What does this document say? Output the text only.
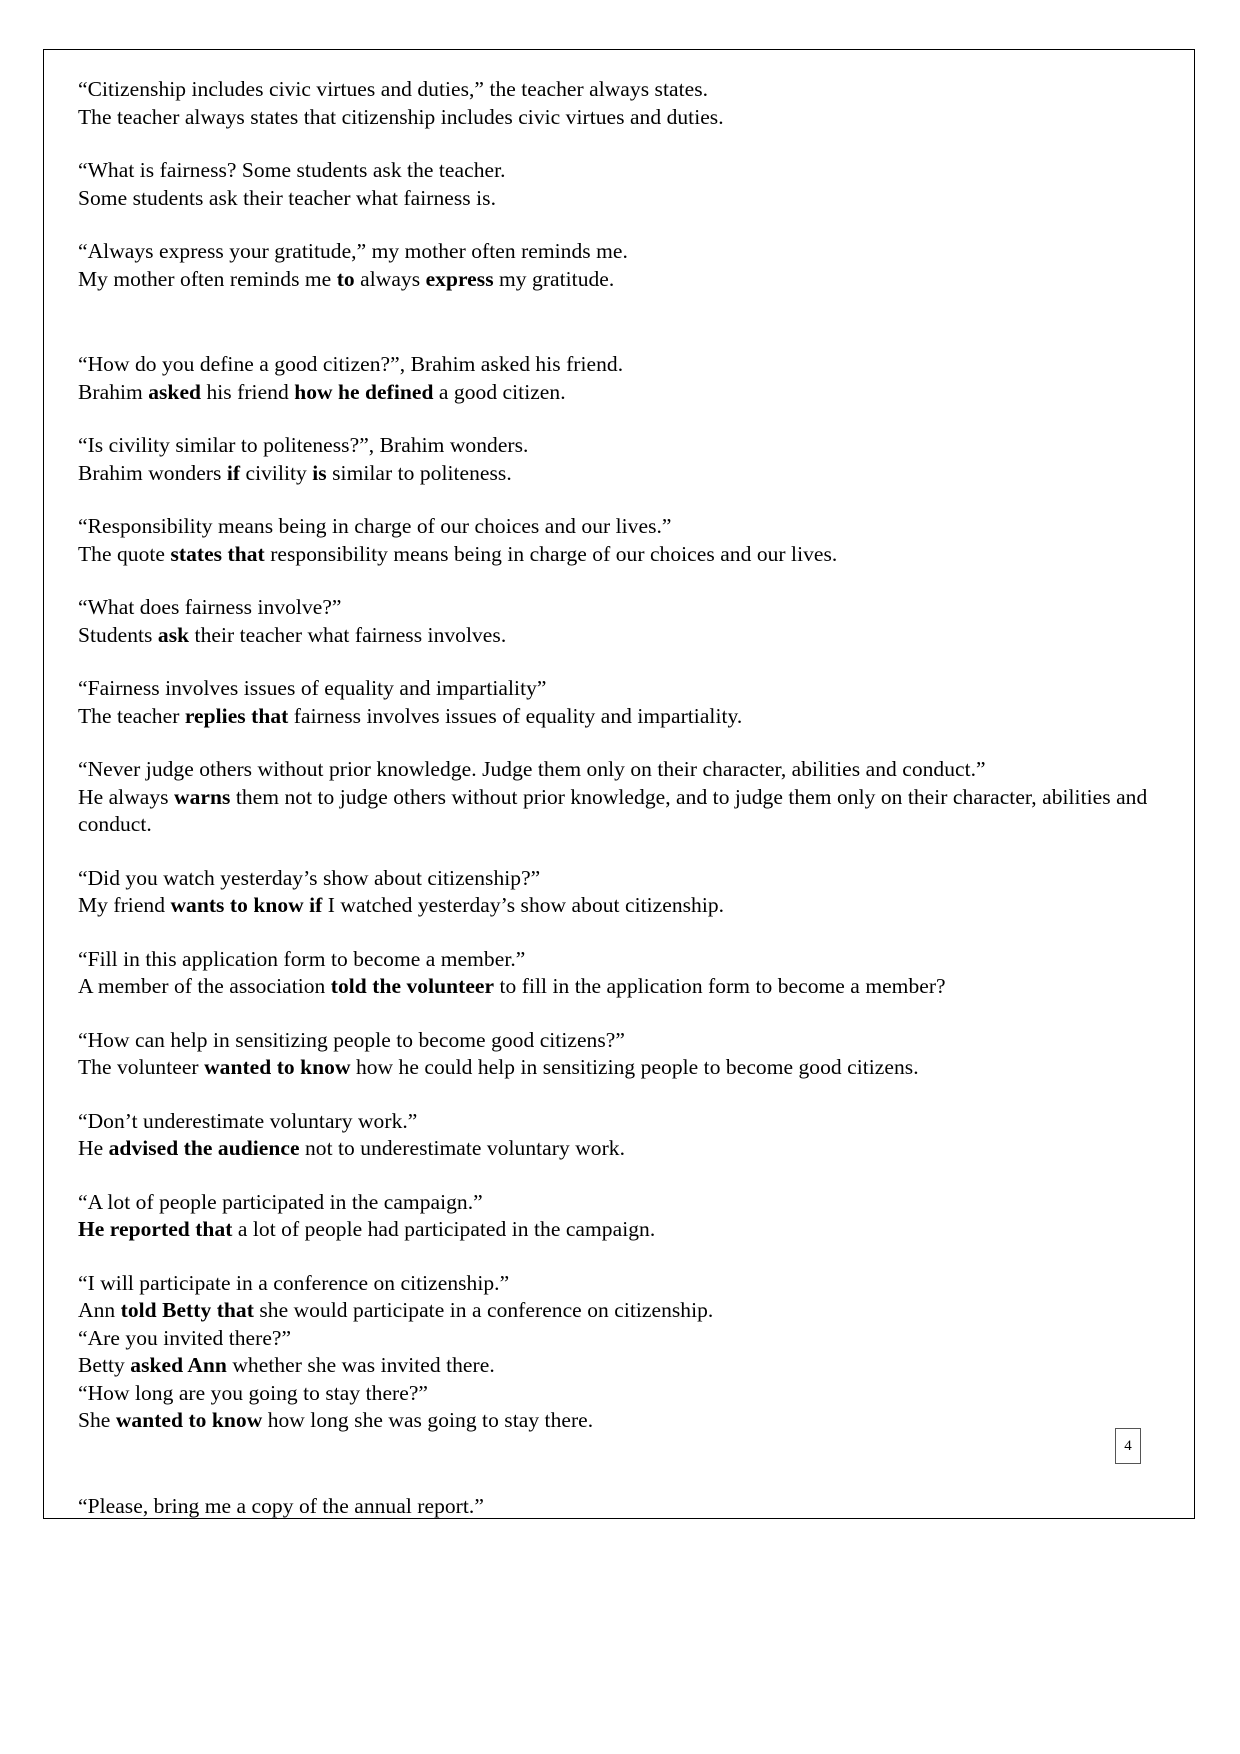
“Citizenship includes civic virtues and duties,” the teacher always states.
The teacher always states that citizenship includes civic virtues and duties.
“What is fairness? Some students ask the teacher.
Some students ask their teacher what fairness is.
“Always express your gratitude,” my mother often reminds me.
My mother often reminds me to always express my gratitude.
“How do you define a good citizen?”, Brahim asked his friend.
Brahim asked his friend how he defined a good citizen.
“Is civility similar to politeness?”, Brahim wonders.
Brahim wonders if civility is similar to politeness.
“Responsibility means being in charge of our choices and our lives.”
The quote states that responsibility means being in charge of our choices and our lives.
“What does fairness involve?”
Students ask their teacher what fairness involves.
“Fairness involves issues of equality and impartiality”
The teacher replies that fairness involves issues of equality and impartiality.
“Never judge others without prior knowledge. Judge them only on their character, abilities and conduct.”
He always warns them not to judge others without prior knowledge, and to judge them only on their character, abilities and conduct.
“Did you watch yesterday’s show about citizenship?”
My friend wants to know if I watched yesterday’s show about citizenship.
“Fill in this application form to become a member.”
A member of the association told the volunteer to fill in the application form to become a member?
“How can help in sensitizing people to become good citizens?”
The volunteer wanted to know how he could help in sensitizing people to become good citizens.
“Don’t underestimate voluntary work.”
He advised the audience not to underestimate voluntary work.
“A lot of people participated in the campaign.”
He reported that a lot of people had participated in the campaign.
“I will participate in a conference on citizenship.”
Ann told Betty that she would participate in a conference on citizenship.
“Are you invited there?”
Betty asked Ann whether she was invited there.
“How long are you going to stay there?”
She wanted to know how long she was going to stay there.
“Please, bring me a copy of the annual report.”
4
